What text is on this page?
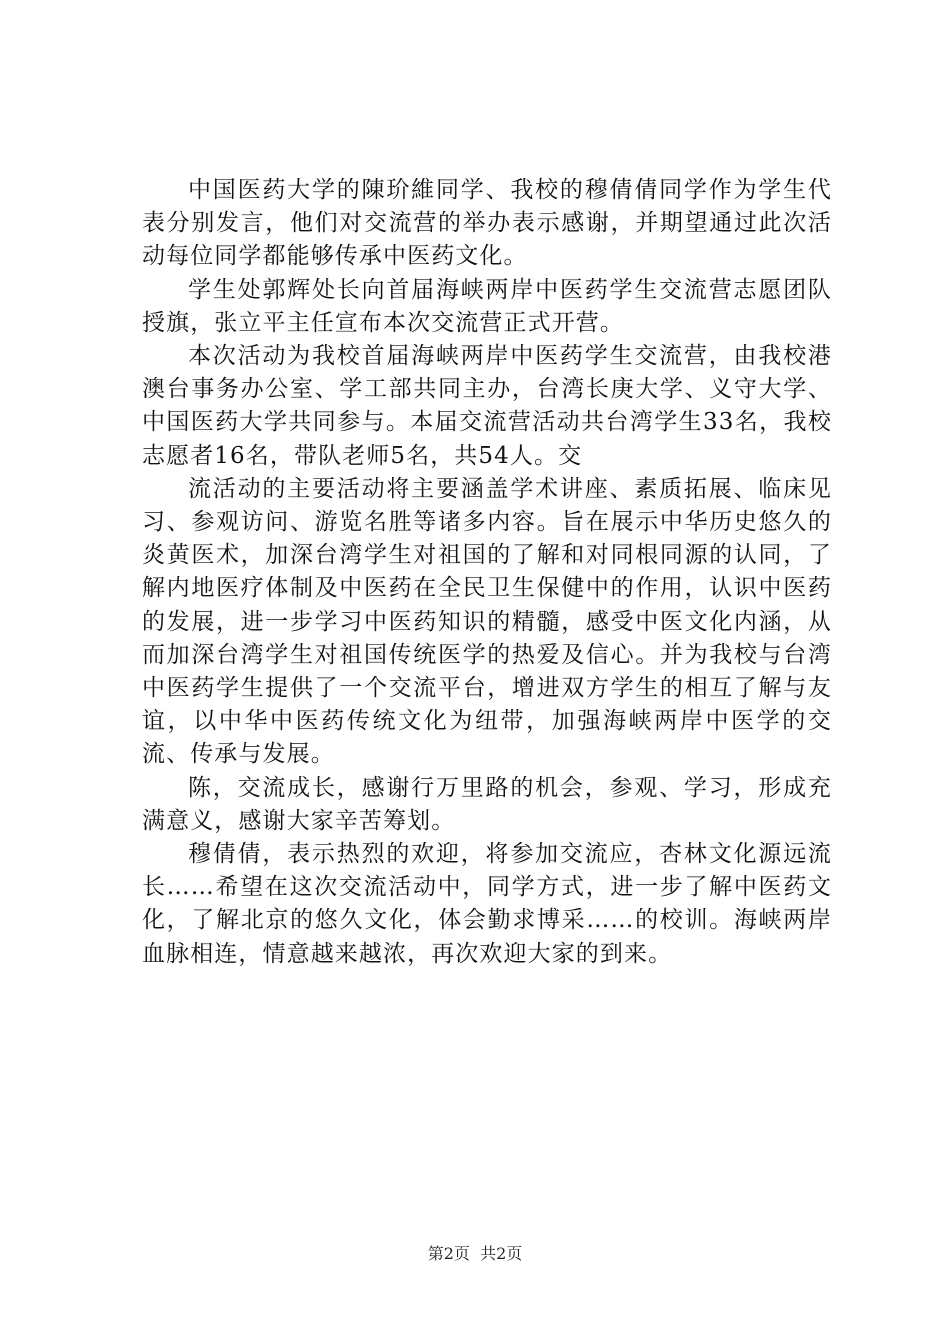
中国医药大学的陳玠維同学、我校的穆倩倩同学作为学生代表分别发言，他们对交流营的举办表示感谢，并期望通过此次活动每位同学都能够传承中医药文化。

学生处郭辉处长向首届海峡两岸中医药学生交流营志愿团队授旗，张立平主任宣布本次交流营正式开营。

本次活动为我校首届海峡两岸中医药学生交流营，由我校港澳台事务办公室、学工部共同主办，台湾长庚大学、义守大学、中国医药大学共同参与。本届交流营活动共台湾学生33名，我校志愿者16名，带队老师5名，共54人。交

流活动的主要活动将主要涵盖学术讲座、素质拓展、临床见习、参观访问、游览名胜等诸多内容。旨在展示中华历史悠久的炎黄医术，加深台湾学生对祖国的了解和对同根同源的认同，了解内地医疗体制及中医药在全民卫生保健中的作用，认识中医药的发展，进一步学习中医药知识的精髓，感受中医文化内涵，从而加深台湾学生对祖国传统医学的热爱及信心。并为我校与台湾中医药学生提供了一个交流平台，增进双方学生的相互了解与友谊，以中华中医药传统文化为纽带，加强海峡两岸中医学的交流、传承与发展。

陈，交流成长，感谢行万里路的机会，参观、学习，形成充满意义，感谢大家辛苦筹划。

穆倩倩，表示热烈的欢迎，将参加交流应，杏林文化源远流长……希望在这次交流活动中，同学方式，进一步了解中医药文化，了解北京的悠久文化，体会勤求博采……的校训。海峡两岸血脉相连，情意越来越浓，再次欢迎大家的到来。

第2页  共2页
